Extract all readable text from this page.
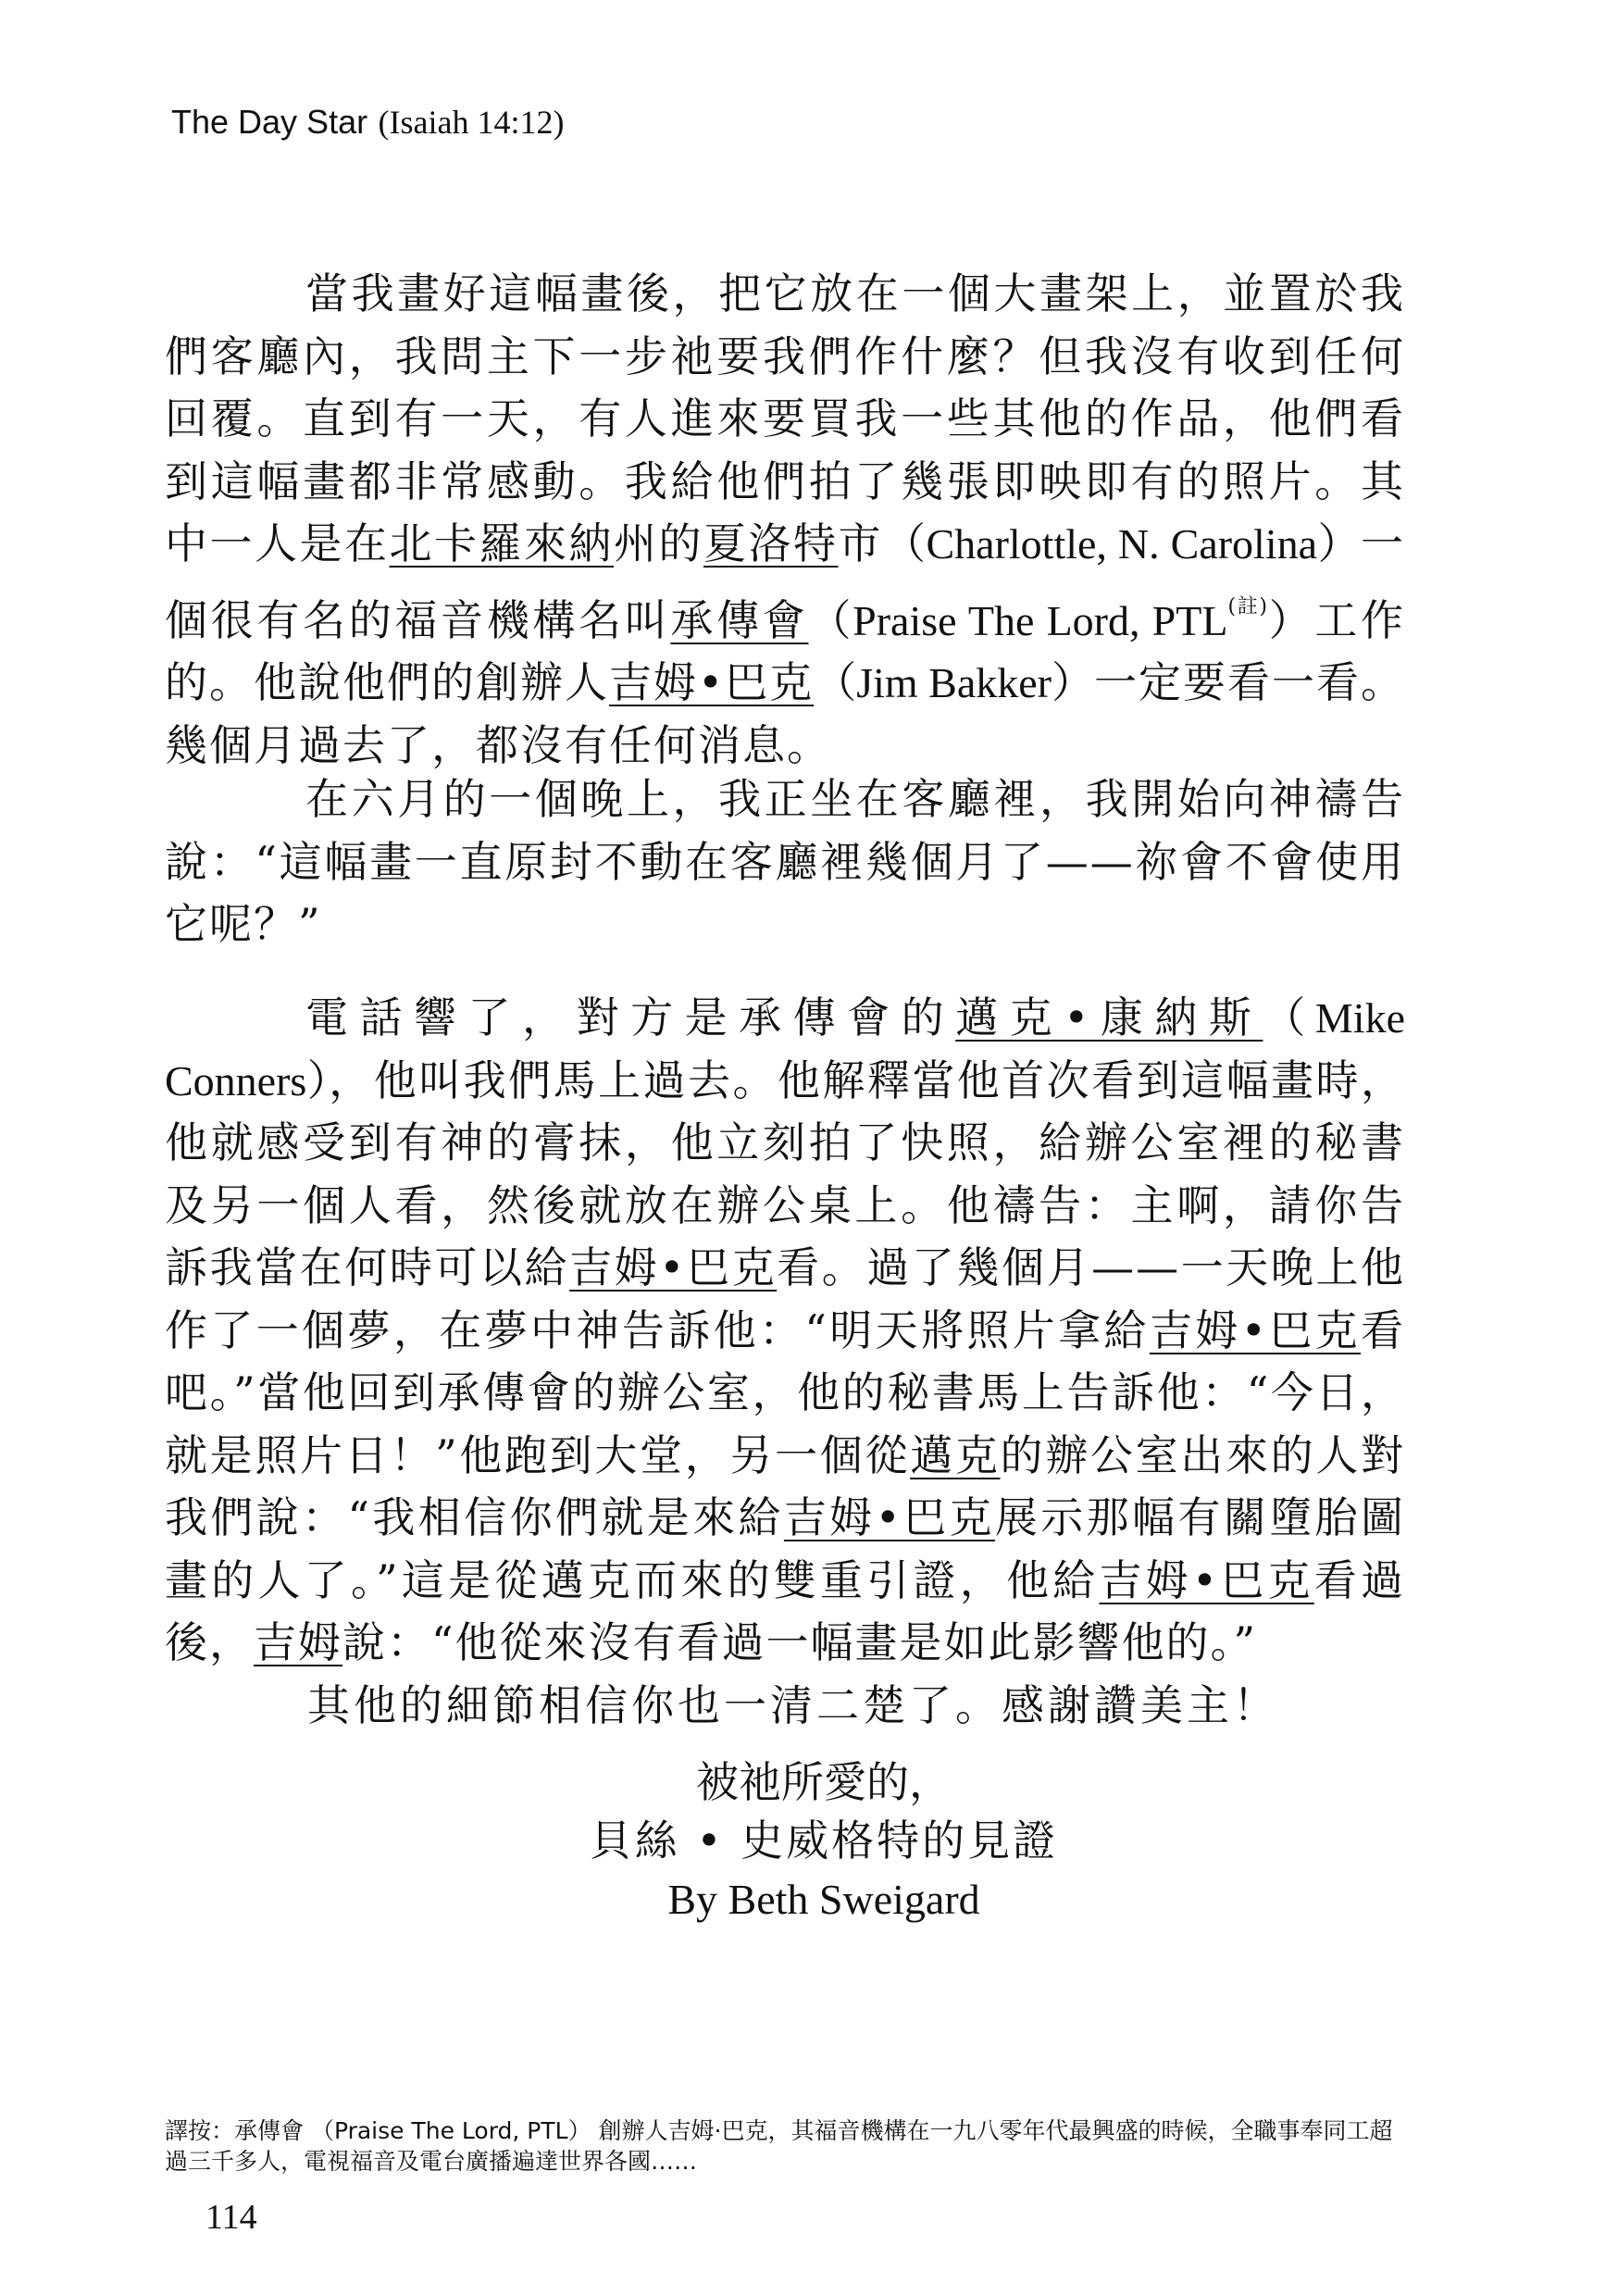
The Day Star (Isaiah 14:12)

當我畫好這幅畫後，把它放在一個大畫架上，並置於我們客廳內，我問主下一步祂要我們作什麼？但我沒有收到任何回覆。直到有一天，有人進來要買我一些其他的作品，他們看到這幅畫都非常感動。我給他們拍了幾張即映即有的照片。其中一人是在北卡羅來納州的夏洛特市（Charlottle, N. Carolina）一個很有名的福音機構名叫承傳會（Praise The Lord, PTL$^{(註)}$）工作的。他說他們的創辦人吉姆•巴克（Jim Bakker）一定要看一看。幾個月過去了，都沒有任何消息。

在六月的一個晚上，我正坐在客廳裡，我開始向神禱告說：“這幅畫一直原封不動在客廳裡幾個月了——祢會不會使用它呢？”

電話響了，對方是承傳會的邁克•康納斯（Mike　Conners），他叫我們馬上過去。他解釋當他首次看到這幅畫時，他就感受到有神的膏抹，他立刻拍了快照，給辦公室裡的秘書及另一個人看，然後就放在辦公桌上。他禱告：主啊，請你告訴我當在何時可以給吉姆•巴克看。過了幾個月——一天晚上他作了一個夢，在夢中神告訴他：“明天將照片拿給吉姆•巴克看吧。”當他回到承傳會的辦公室，他的秘書馬上告訴他：“今日，就是照片日！”他跑到大堂，另一個從邁克的辦公室出來的人對我們說：“我相信你們就是來給吉姆•巴克展示那幅有關墮胎圖畫的人了。”這是從邁克而來的雙重引證，他給吉姆•巴克看過後，吉姆說：“他從來沒有看過一幅畫是如此影響他的。”

其他的細節相信你也一清二楚了。感謝讚美主！
被祂所愛的，
貝絲 • 史威格特的見證
By Beth Sweigard
譯按：承傳會 （Praise The Lord, PTL） 創辦人吉姆·巴克，其福音機構在一九八零年代最興盛的時候，全職事奉同工超過三千多人，電視福音及電台廣播遍達世界各國……
114
